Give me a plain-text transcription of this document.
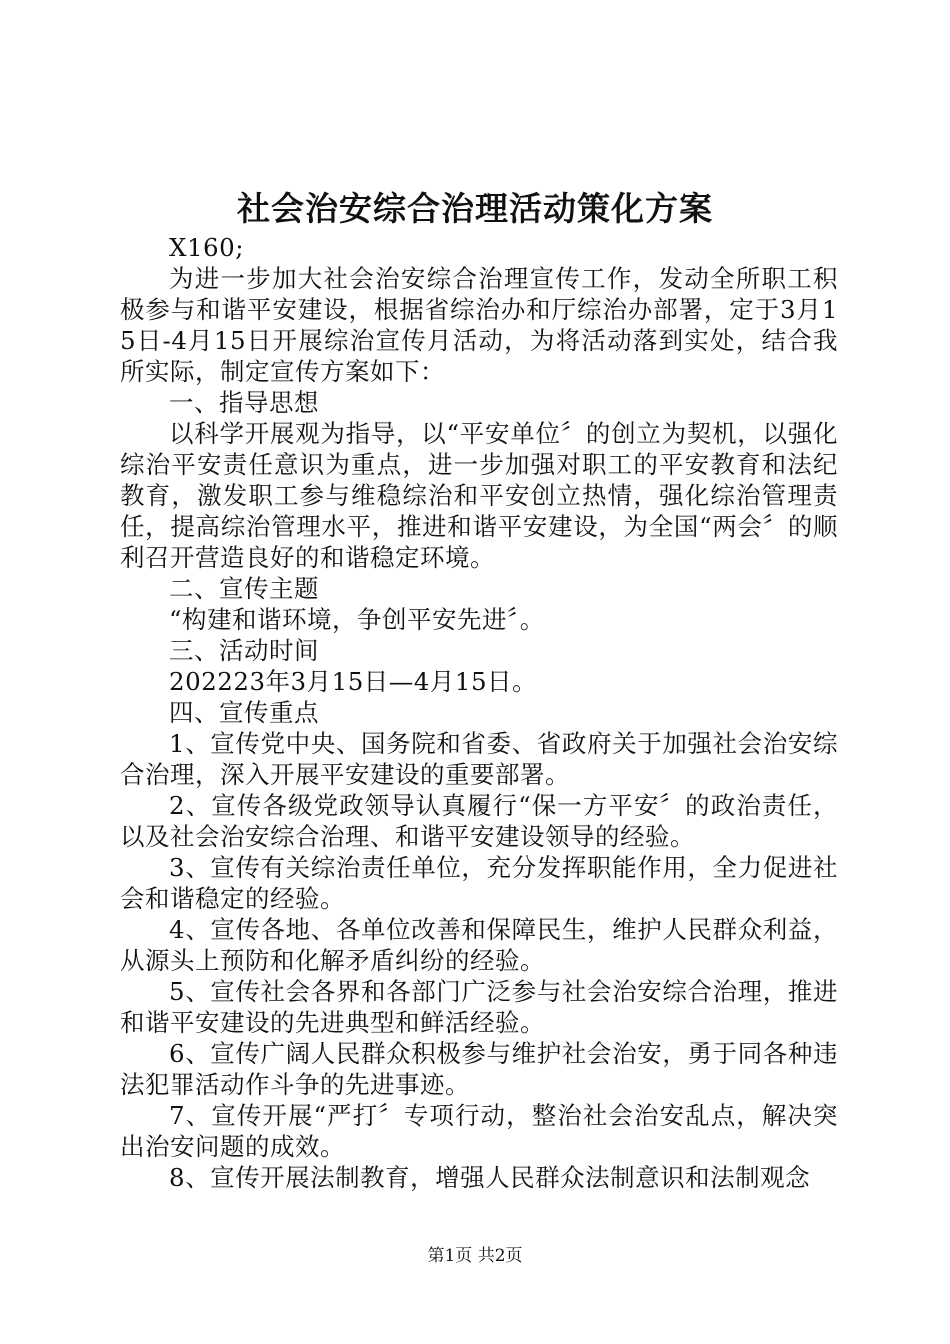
社会治安综合治理活动策化方案

X160;

为进一步加大社会治安综合治理宣传工作，发动全所职工积极参与和谐平安建设，根据省综治办和厅综治办部署，定于3月15日-4月15日开展综治宣传月活动，为将活动落到实处，结合我所实际，制定宣传方案如下：

一、指导思想

以科学开展观为指导，以“平安单位〞的创立为契机，以强化综治平安责任意识为重点，进一步加强对职工的平安教育和法纪教育，激发职工参与维稳综治和平安创立热情，强化综治管理责任，提高综治管理水平，推进和谐平安建设，为全国“两会〞的顺利召开营造良好的和谐稳定环境。

二、宣传主题

“构建和谐环境，争创平安先进〞。

三、活动时间

202223年3月15日—4月15日。

四、宣传重点

1、宣传党中央、国务院和省委、省政府关于加强社会治安综合治理，深入开展平安建设的重要部署。

2、宣传各级党政领导认真履行“保一方平安〞的政治责任，以及社会治安综合治理、和谐平安建设领导的经验。

3、宣传有关综治责任单位，充分发挥职能作用，全力促进社会和谐稳定的经验。

4、宣传各地、各单位改善和保障民生，维护人民群众利益，从源头上预防和化解矛盾纠纷的经验。

5、宣传社会各界和各部门广泛参与社会治安综合治理，推进和谐平安建设的先进典型和鲜活经验。

6、宣传广阔人民群众积极参与维护社会治安，勇于同各种违法犯罪活动作斗争的先进事迹。

7、宣传开展“严打〞专项行动，整治社会治安乱点，解决突出治安问题的成效。

8、宣传开展法制教育，增强人民群众法制意识和法制观念

第1页 共2页
